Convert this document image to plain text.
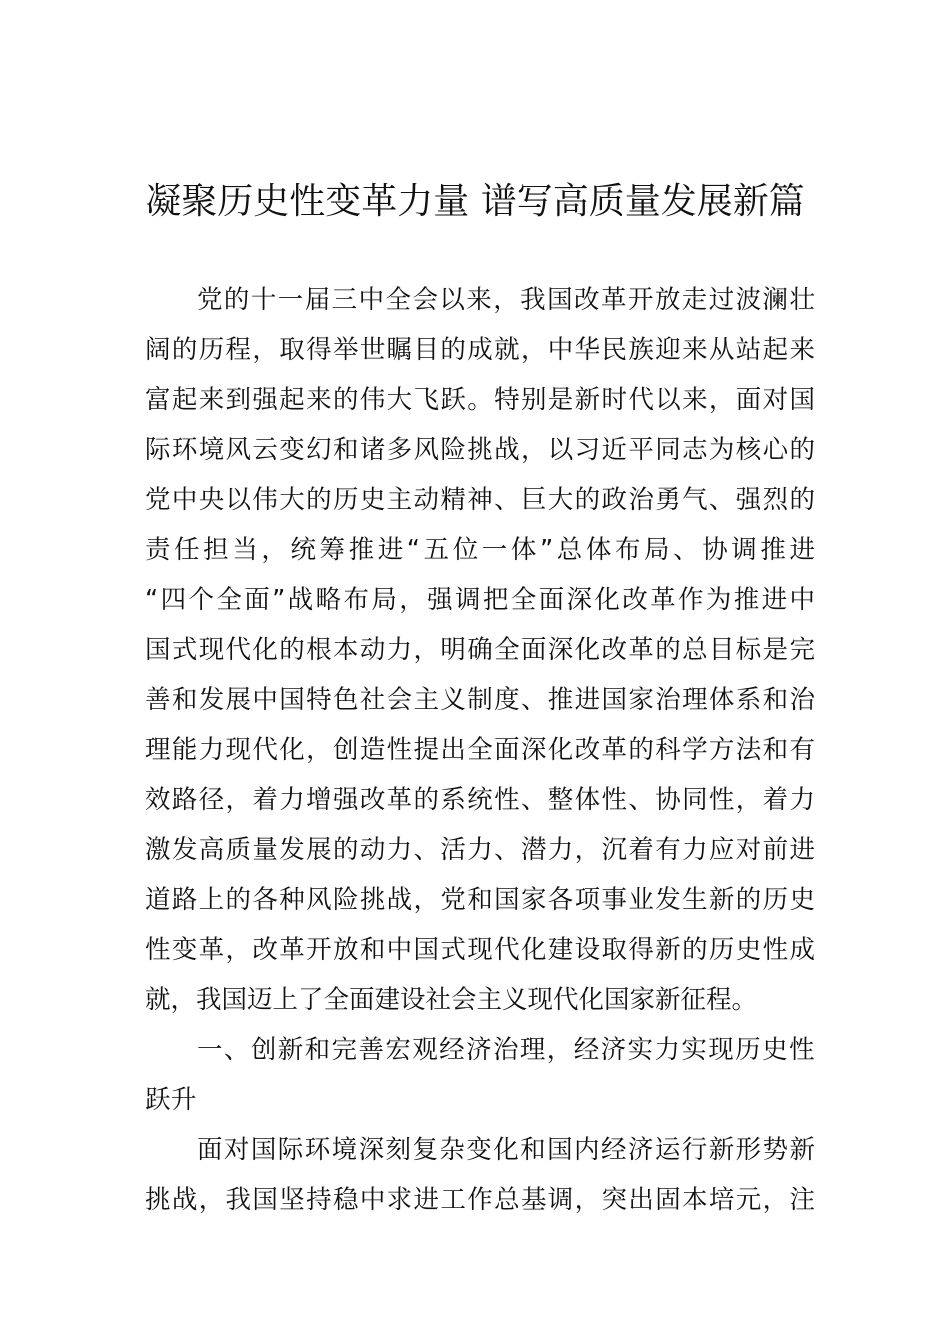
凝聚历史性变革力量 谱写高质量发展新篇
党的十一届三中全会以来，我国改革开放走过波澜壮
阔的历程，取得举世瞩目的成就，中华民族迎来从站起来
富起来到强起来的伟大飞跃。特别是新时代以来，面对国
际环境风云变幻和诸多风险挑战，以习近平同志为核心的
党中央以伟大的历史主动精神、巨大的政治勇气、强烈的
责任担当，统筹推进“五位一体”总体布局、协调推进
“四个全面”战略布局，强调把全面深化改革作为推进中
国式现代化的根本动力，明确全面深化改革的总目标是完
善和发展中国特色社会主义制度、推进国家治理体系和治
理能力现代化，创造性提出全面深化改革的科学方法和有
效路径，着力增强改革的系统性、整体性、协同性，着力
激发高质量发展的动力、活力、潜力，沉着有力应对前进
道路上的各种风险挑战，党和国家各项事业发生新的历史
性变革，改革开放和中国式现代化建设取得新的历史性成
就，我国迈上了全面建设社会主义现代化国家新征程。
一、创新和完善宏观经济治理，经济实力实现历史性
跃升
面对国际环境深刻复杂变化和国内经济运行新形势新
挑战，我国坚持稳中求进工作总基调，突出固本培元，注
